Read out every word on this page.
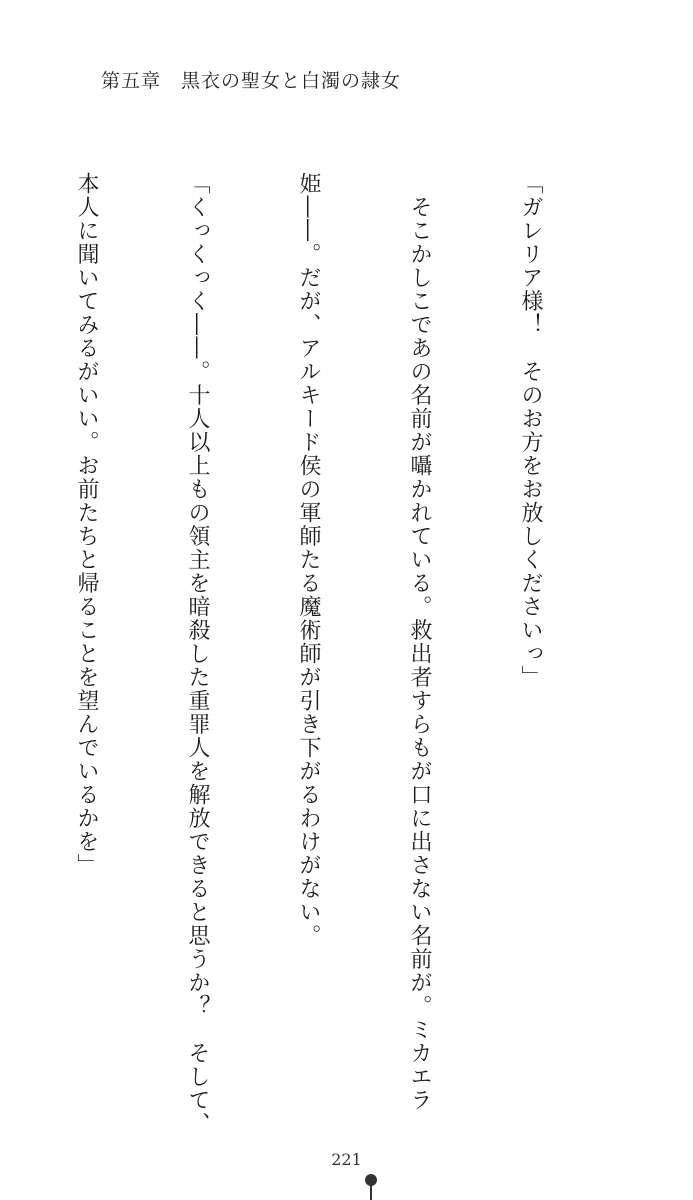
第五章　黒衣の聖女と白濁の隷女

「ガレリア様！　そのお方をお放しくださいっ」

　そこかしこであの名前が囁かれている。救出者すらもが口に出さない名前が。ミカエラ

姫――。だが、アルキード侯の軍師たる魔術師が引き下がるわけがない。

「くっくっく――。十人以上もの領主を暗殺した重罪人を解放できると思うか？　そして、

本人に聞いてみるがいい。お前たちと帰ることを望んでいるかを」

221
